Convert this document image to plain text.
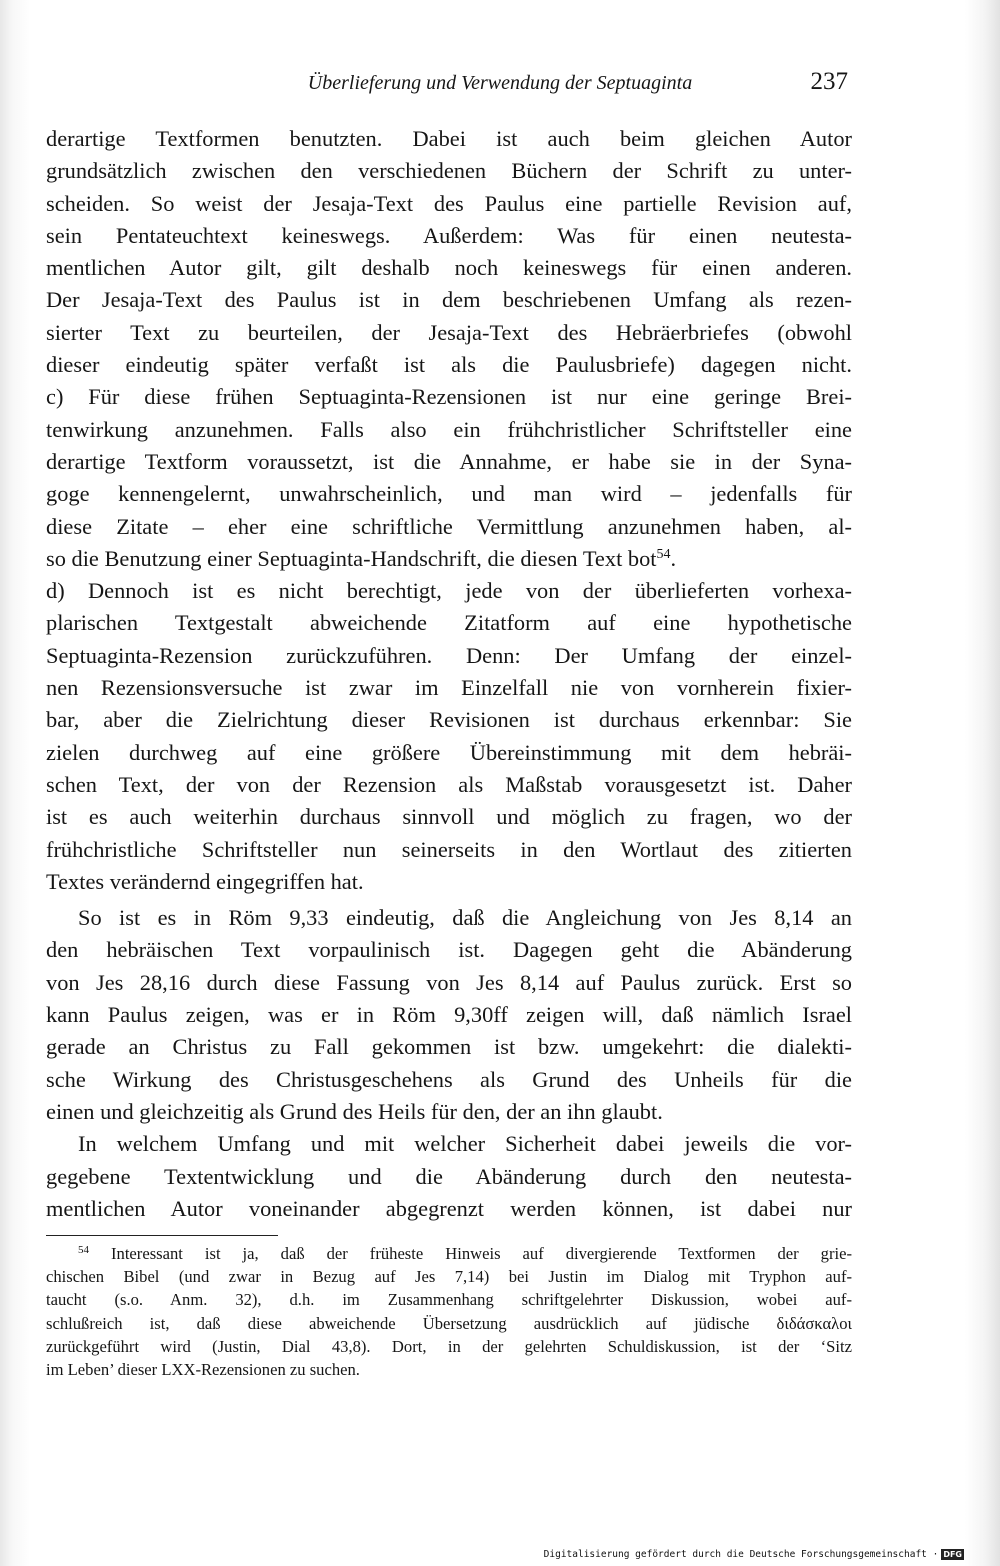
Überlieferung und Verwendung der Septuaginta	237
derartige Textformen benutzten. Dabei ist auch beim gleichen Autor
grundsätzlich zwischen den verschiedenen Büchern der Schrift zu unter-
scheiden. So weist der Jesaja-Text des Paulus eine partielle Revision auf,
sein Pentateuchtext keineswegs. Außerdem: Was für einen neutesta-
mentlichen Autor gilt, gilt deshalb noch keineswegs für einen anderen.
Der Jesaja-Text des Paulus ist in dem beschriebenen Umfang als rezen-
sierter Text zu beurteilen, der Jesaja-Text des Hebräerbriefes (obwohl
dieser eindeutig später verfaßt ist als die Paulusbriefe) dagegen nicht.
c) Für diese frühen Septuaginta-Rezensionen ist nur eine geringe Brei-
tenwirkung anzunehmen. Falls also ein frühchristlicher Schriftsteller eine
derartige Textform voraussetzt, ist die Annahme, er habe sie in der Syna-
goge kennengelernt, unwahrscheinlich, und man wird – jedenfalls für
diese Zitate – eher eine schriftliche Vermittlung anzunehmen haben, al-
so die Benutzung einer Septuaginta-Handschrift, die diesen Text bot$^{54}$.
d) Dennoch ist es nicht berechtigt, jede von der überlieferten vorhexa-
plarischen Textgestalt abweichende Zitatform auf eine hypothetische
Septuaginta-Rezension zurückzuführen. Denn: Der Umfang der einzel-
nen Rezensionsversuche ist zwar im Einzelfall nie von vornherein fixier-
bar, aber die Zielrichtung dieser Revisionen ist durchaus erkennbar: Sie
zielen durchweg auf eine größere Übereinstimmung mit dem hebräi-
schen Text, der von der Rezension als Maßstab vorausgesetzt ist. Daher
ist es auch weiterhin durchaus sinnvoll und möglich zu fragen, wo der
frühchristliche Schriftsteller nun seinerseits in den Wortlaut des zitierten
Textes verändernd eingegriffen hat.
So ist es in Röm 9,33 eindeutig, daß die Angleichung von Jes 8,14 an
den hebräischen Text vorpaulinisch ist. Dagegen geht die Abänderung
von Jes 28,16 durch diese Fassung von Jes 8,14 auf Paulus zurück. Erst so
kann Paulus zeigen, was er in Röm 9,30ff zeigen will, daß nämlich Israel
gerade an Christus zu Fall gekommen ist bzw. umgekehrt: die dialekti-
sche Wirkung des Christusgeschehens als Grund des Unheils für die
einen und gleichzeitig als Grund des Heils für den, der an ihn glaubt.
In welchem Umfang und mit welcher Sicherheit dabei jeweils die vor-
gegebene Textentwicklung und die Abänderung durch den neutesta-
mentlichen Autor voneinander abgegrenzt werden können, ist dabei nur
$^{54}$ Interessant ist ja, daß der früheste Hinweis auf divergierende Textformen der grie-
chischen Bibel (und zwar in Bezug auf Jes 7,14) bei Justin im Dialog mit Tryphon auf-
taucht (s.o. Anm. 32), d.h. im Zusammenhang schriftgelehrter Diskussion, wobei auf-
schlußreich ist, daß diese abweichende Übersetzung ausdrücklich auf jüdische διδάσκαλοι
zurückgeführt wird (Justin, Dial 43,8). Dort, in der gelehrten Schuldiskussion, ist der ‘Sitz
im Leben’ dieser LXX-Rezensionen zu suchen.
Digitalisierung gefördert durch die Deutsche Forschungsgemeinschaft · DFG
